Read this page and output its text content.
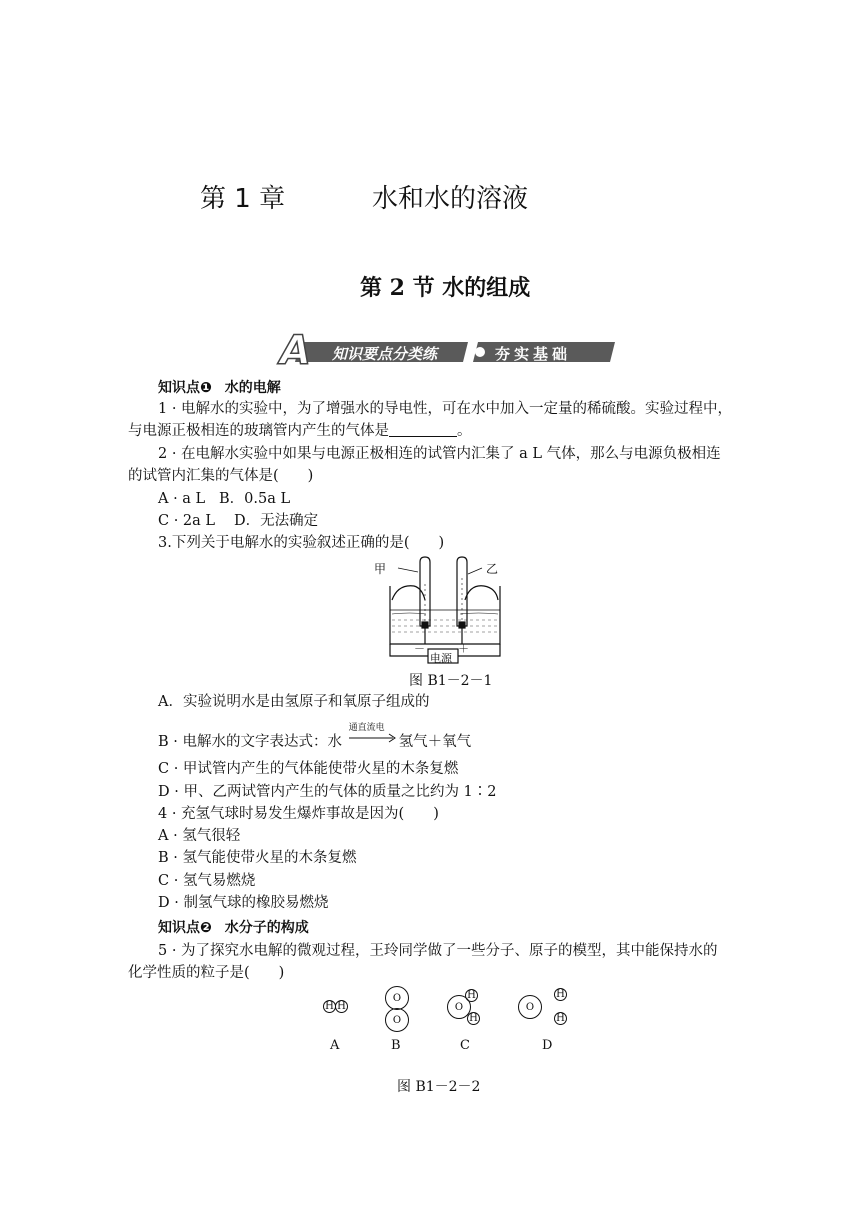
第 1 章	水和水的溶液
第 2 节 水的组成
A 知识要点分类练	夯实基础
知识点❶ 水的电解
1 · 电解水的实验中，为了增强水的导电性，可在水中加入一定量的稀硫酸。实验过程中，
与电源正极相连的玻璃管内产生的气体是	。
2 · 在电解水实验中如果与电源正极相连的试管内汇集了 a L 气体，那么与电源负极相连
的试管内汇集的气体是(　　)
A · a L B．0.5a L
C · 2a L D．无法确定
3.下列关于电解水的实验叙述正确的是(　　)
甲	乙
电源
－	＋
图 B1－2－1
A．实验说明水是由氢原子和氧原子组成的
B · 电解水的文字表达式：水
通直流电
氢气＋氧气
C · 甲试管内产生的气体能使带火星的木条复燃
D · 甲、乙两试管内产生的气体的质量之比约为 1∶2
4 · 充氢气球时易发生爆炸事故是因为(　　)
A · 氢气很轻
B · 氢气能使带火星的木条复燃
C · 氢气易燃烧
D · 制氢气球的橡胶易燃烧
知识点❷ 水分子的构成
5 · 为了探究水电解的微观过程，王玲同学做了一些分子、原子的模型，其中能保持水的
化学性质的粒子是(　　)
H H
O
O
O
H
H
O
H
H
A	B	C	D
图 B1－2－2
